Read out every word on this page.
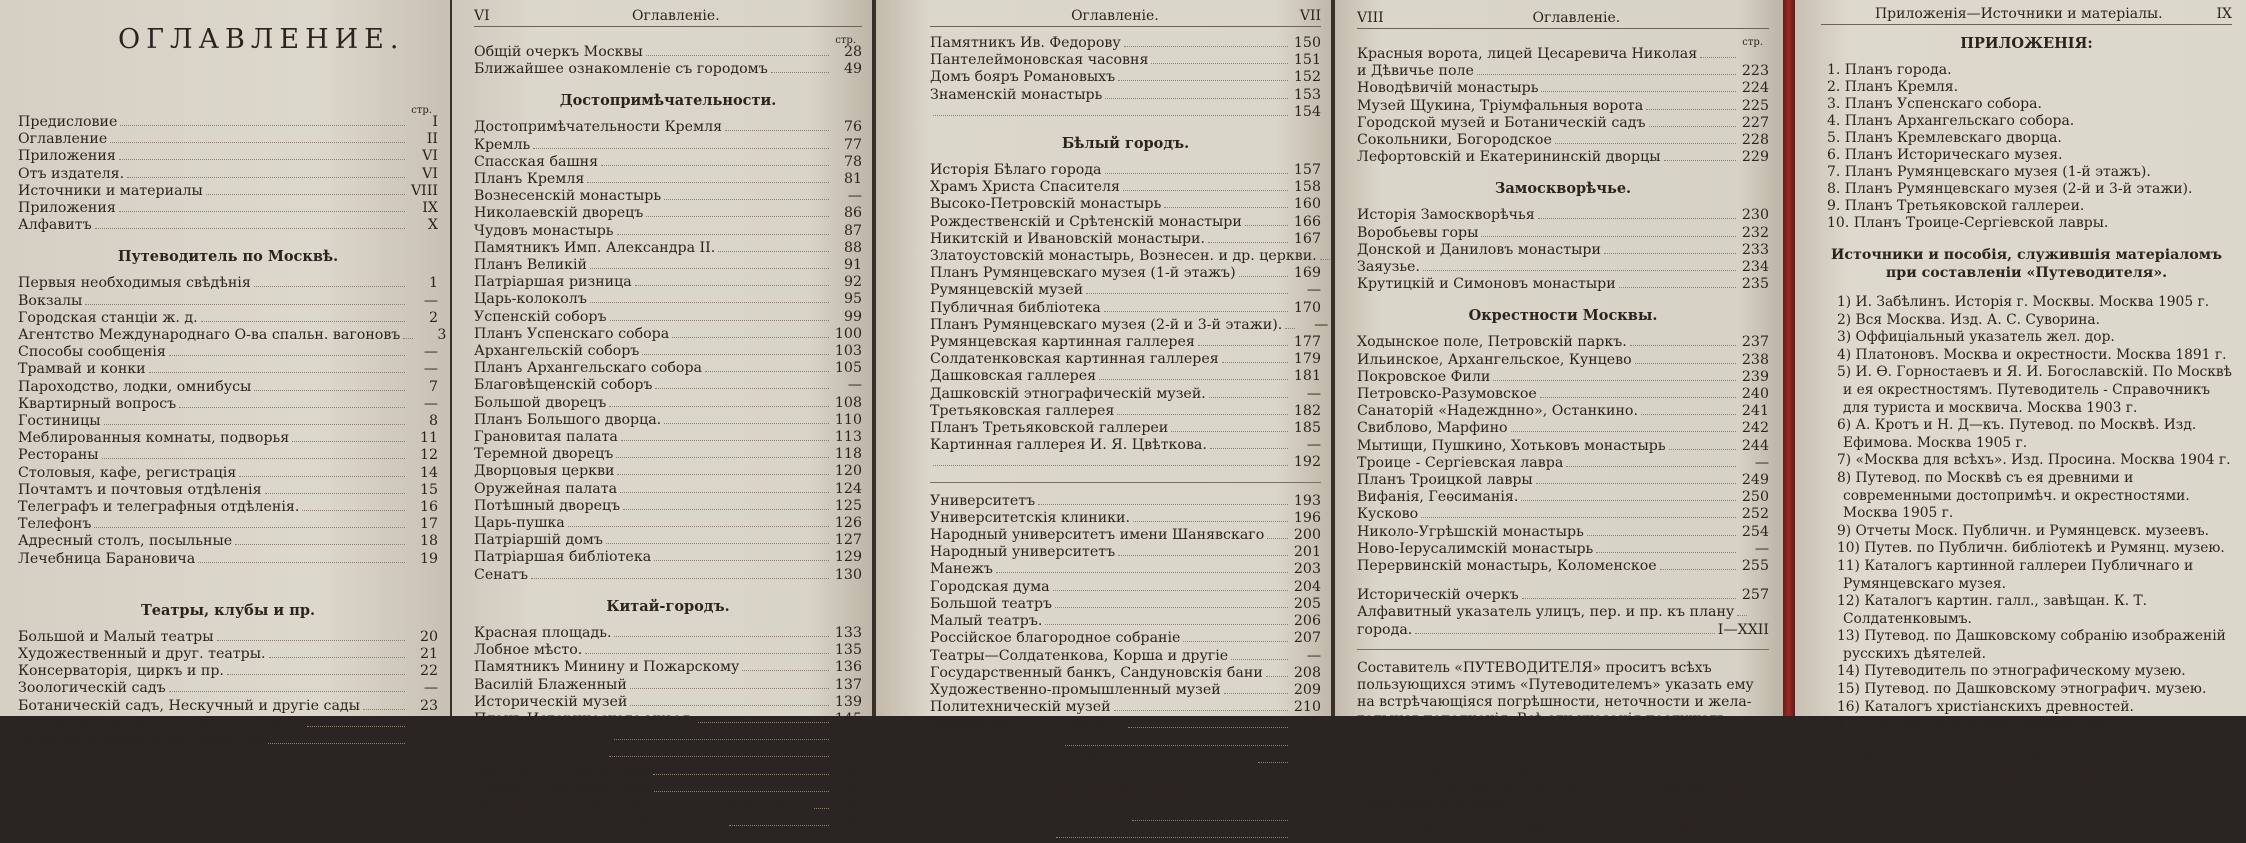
ОГЛАВЛЕНИЕ.
стр.
Предисловие	I
Оглавление	II
Приложения	VI
Отъ издателя.	VI
Источники и материалы	VIII
Приложения	IX
Алфавитъ	X
Путеводитель по Москвѣ.
Первыя необходимыя свѣдѣнія	1
Вокзалы	—
Городская станціи ж. д.	2
Агентство Международнаго О-ва спальн. вагоновъ	3
Способы сообщенія	—
Трамвай и конки	—
Пароходство, лодки, омнибусы	7
Квартирный вопросъ	—
Гостиницы	8
Меблированныя комнаты, подворья	11
Рестораны	12
Столовыя, кафе, регистрація	14
Почтамтъ и почтовыя отдѣленія	15
Телеграфъ и телеграфныя отдѣленія.	16
Телефонъ	17
Адресный столъ, посыльные	18
Лечебница Барановича	19
Театры, клубы и пр.
Большой и Малый театры	20
Художественный и друг. театры.	21
Консерваторія, циркъ и пр.	22
Зоологическій садъ	—
Ботаническій садъ, Нескучный и другіе сады	23
Петровскій паркъ, бульвары и скверы	24
Археологическое и др. общества	25
VI	Оглавленіе.
стр.
Общій очеркъ Москвы	28
Ближайшее ознакомленіе съ городомъ	49
Достопримѣчательности.
Достопримѣчательности Кремля	76
Кремль	77
Спасская башня	78
Планъ Кремля	81
Вознесенскій монастырь	—
Николаевскій дворецъ	86
Чудовъ монастырь	87
Памятникъ Имп. Александра II.	88
Планъ Великій	91
Патріаршая ризница	92
Царь-колоколъ	95
Успенскій соборъ	99
Планъ Успенскаго собора	100
Архангельскій соборъ	103
Планъ Архангельскаго собора	105
Благовѣщенскій соборъ	—
Большой дворецъ	108
Планъ Большого дворца.	110
Грановитая палата	113
Теремной дворецъ	118
Дворцовыя церкви	120
Оружейная палата	124
Потѣшный дворецъ	125
Царь-пушка	126
Патріаршій домъ	127
Патріаршая библіотека	129
Сенатъ	130
Китай-городъ.
Красная площадь.	133
Лобное мѣсто.	135
Памятникъ Минину и Пожарскому	136
Василій Блаженный	137
Историческій музей	139
Планъ Историческаго музея.	145
Иверская часовня	—
Казанскій соборъ	—
Верхніе Торговые ряды	146
Средніе Торговые ряды	148
Заиконоспасскій и Николаевскій монастыри 149
Синодальная типографія и музей	149
Оглавленіе.	VII
Памятникъ Ив. Федорову	150
Пантелеймоновская часовня	151
Домъ бояръ Романовыхъ	152
Знаменскій монастырь	153
154
Бѣлый городъ.
Исторія Бѣлаго города	157
Храмъ Христа Спасителя	158
Высоко-Петровскій монастырь	160
Рождественскій и Срѣтенскій монастыри	166
Никитскій и Ивановскій монастыри.	167
Златоустовскій монастырь, Вознесен. и др. церкви.
Планъ Румянцевскаго музея (1-й этажъ)	169
Румянцевскій музей	—
Публичная библіотека	170
Планъ Румянцевскаго музея (2-й и 3-й этажи).	—
Румянцевская картинная галлерея	177
Солдатенковская картинная галлерея	179
Дашковская галлерея	181
Дашковскій этнографическій музей.	—
Третьяковская галлерея	182
Планъ Третьяковской галлереи	185
Картинная галлерея И. Я. Цвѣткова.	—
192
Университетъ	193
Университетскія клиники.	196
Народный университетъ имени Шанявскаго 200
Народный университетъ	201
Манежъ	203
Городская дума	204
Большой театръ	205
Малый театръ.	206
Россійское благородное собраніе	207
Театры—Солдатенкова, Корша и другіе	—
Государственный банкъ, Сандуновскія бани 208
Художественно-промышленный музей	209
Политехническій музей	210
Аквариумъ К. К. Гиппіуса	212
Кустарный музей	217
Училище живописи, Воспитательный домъ	219
Земляной городъ.
Исторія Земляного города	220
Сухарева башня	221
VIII	Оглавленіе.
стр.
Красныя ворота, лицей Цесаревича Николая
и Дѣвичье поле	223
Новодѣвичій монастырь	224
Музей Щукина, Тріумфальныя ворота	225
Городской музей и Ботаническій садъ	227
Сокольники, Богородское	228
Лефортовскій и Екатерининскій дворцы	229
Замоскворѣчье.
Исторія Замоскворѣчья	230
Воробьевы горы	232
Донской и Даниловъ монастыри	233
Заяузье.	234
Крутицкій и Симоновъ монастыри	235
Окрестности Москвы.
Ходынское поле, Петровскій паркъ.	237
Ильинское, Архангельское, Кунцево	238
Покровское Фили	239
Петровско-Разумовское	240
Санаторій «Надежднно», Останкино.	241
Свиблово, Марфино	242
Мытищи, Пушкино, Хотьковъ монастырь	244
Троице - Сергіевская лавра	—
Планъ Троицкой лавры	249
Вифанія, Геѳсиманія.	250
Кусково	252
Николо-Угрѣшскій монастырь	254
Ново-Іерусалимскій монастырь	—
Перервинскій монастырь, Коломенское	255
Историческій очеркъ	257
Алфавитный указатель улицъ, пер. и пр. къ плану
города.	I—XXII
Составитель «ПУТЕВОДИТЕЛЯ» проситъ всѣхъ
пользующихся этимъ «Путеводителемъ» указать ему
на встрѣчающіяся погрѣшности, неточности и жела-
тельныя пополненія. Всѣ эти указанія послужатъ
цѣннымъ матеріаломъ для составленія слѣдующаго
изданія. За любезныя услуги издатель будетъ счи-
тать пріятнымъ долгомъ всякому, сдѣлавшему какія
либо указанія, выслать экземпляръ «Путеводителя»
слѣдующаго изданія.
Адресъ: СПБ., Невскій, 84. Г. Г. Москвичъ.
Приложенія—Источники и матеріалы.	IX
ПРИЛОЖЕНІЯ:
1. Планъ города.
2. Планъ Кремля.
3. Планъ Успенскаго собора.
4. Планъ Архангельскаго собора.
5. Планъ Кремлевскаго дворца.
6. Планъ Историческаго музея.
7. Планъ Румянцевскаго музея (1-й этажъ).
8. Планъ Румянцевскаго музея (2-й и 3-й этажи).
9. Планъ Третьяковской галлереи.
10. Планъ Троице-Сергіевской лавры.
Источники и пособія, служившія матеріаломъ
при составленіи «Путеводителя».
1) И. Забѣлинъ. Исторія г. Москвы. Москва 1905 г.
2) Вся Москва. Изд. А. С. Суворина.
3) Оффиціальный указатель жел. дор.
4) Платоновъ. Москва и окрестности. Москва 1891 г.
5) И. Ѳ. Горностаевъ и Я. И. Богославскій. По Москвѣ и ея окрестностямъ. Путеводитель - Справочникъ для туриста и москвича. Москва 1903 г.
6) А. Кротъ и Н. Д—къ. Путевод. по Москвѣ. Изд. Ефимова. Москва 1905 г.
7) «Москва для всѣхъ». Изд. Просина. Москва 1904 г.
8) Путевод. по Москвѣ съ ея древними и современными достопримѣч. и окрестностями. Москва 1905 г.
9) Отчеты Моск. Публичн. и Румянцевск. музеевъ.
10) Путев. по Публичн. библіотекѣ и Румянц. музею.
11) Каталогъ картинной галлереи Публичнаго и Румянцевскаго музея.
12) Каталогъ картин. галл., завѣщан. К. Т. Солдатенковымъ.
13) Путевод. по Дашковскому собранію изображеній русскихъ дѣятелей.
14) Путеводитель по этнографическому музею.
15) Путевод. по Дашковскому этнографич. музею.
16) Каталогъ христіанскихъ древностей.
17) Каталогъ доисторич. древностей.
18) Каталогъ русскихъ древностей.
19) Каталогъ картин. гал. П. и С. Третьяковыхъ.
20) Смѣта доходовъ и расходовъ Москвы и др.
